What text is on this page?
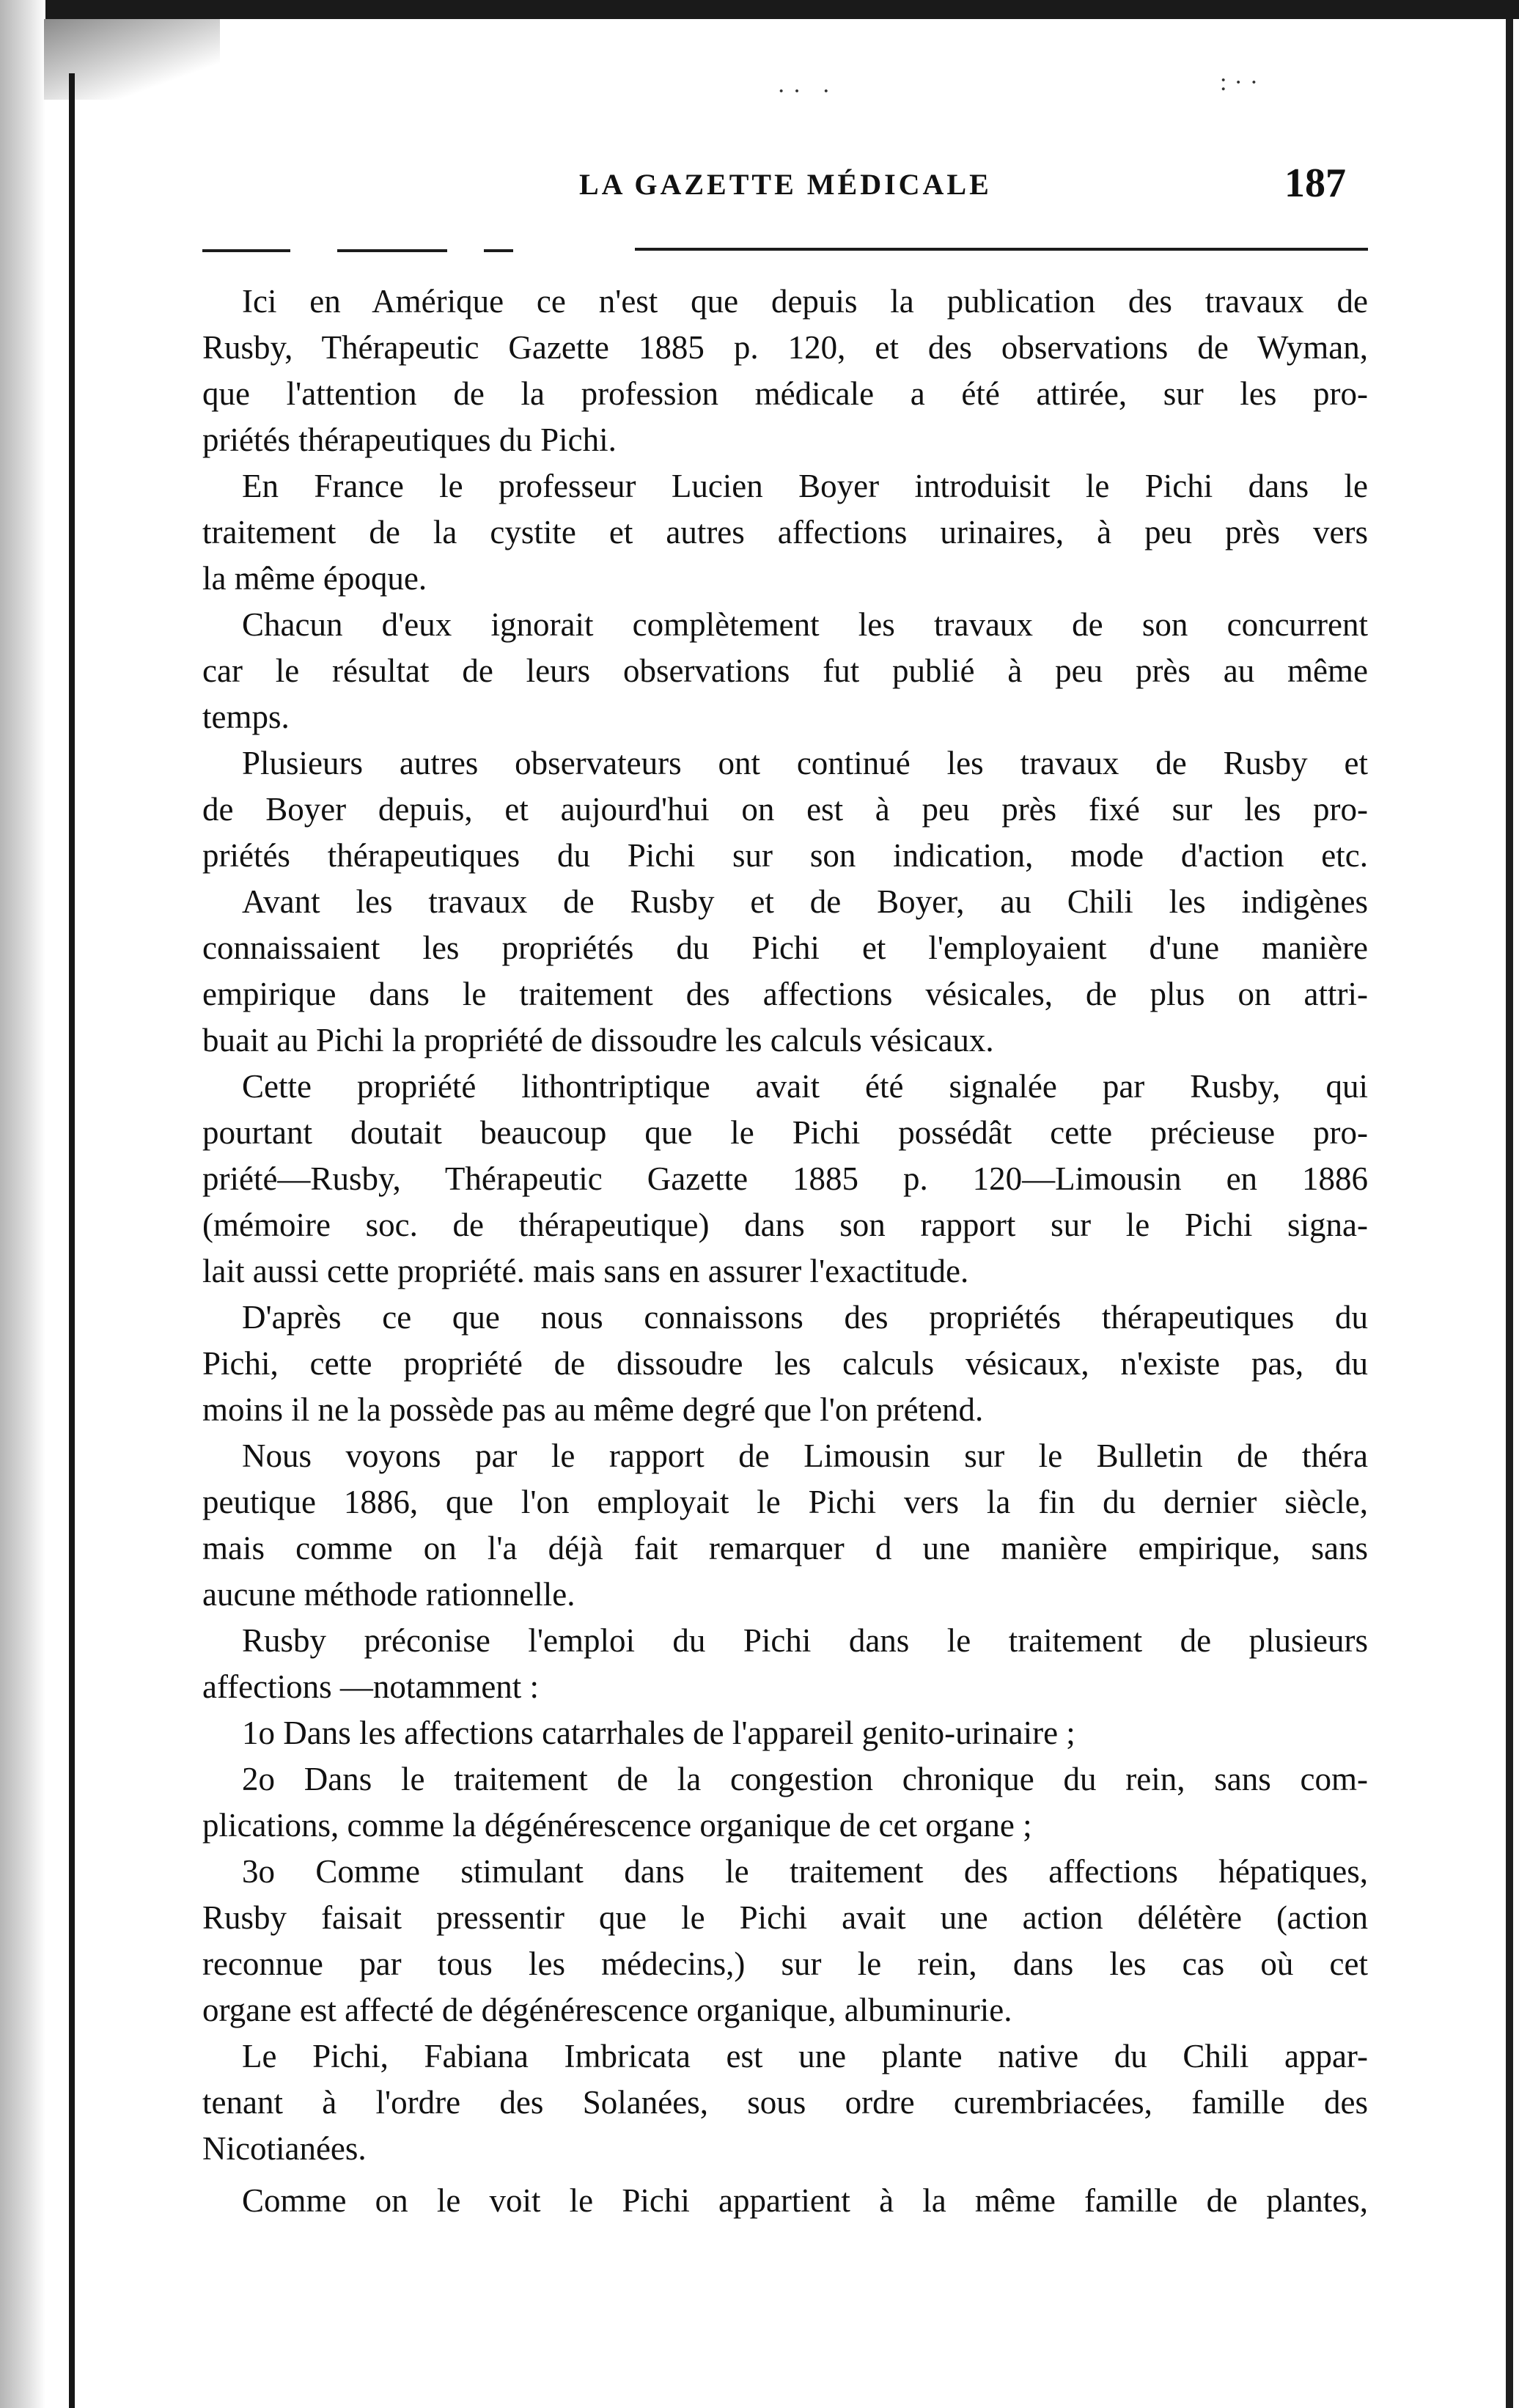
·· ·	:··
LA GAZETTE MÉDICALE	187
Ici en Amérique ce n'est que depuis la publication des travaux de
Rusby, Thérapeutic Gazette 1885 p. 120, et des observations de Wyman,
que l'attention de la profession médicale a été attirée, sur les pro-
priétés thérapeutiques du Pichi.
En France le professeur Lucien Boyer introduisit le Pichi dans le
traitement de la cystite et autres affections urinaires, à peu près vers
la même époque.
Chacun d'eux ignorait complètement les travaux de son concurrent
car le résultat de leurs observations fut publié à peu près au même
temps.
Plusieurs autres observateurs ont continué les travaux de Rusby et
de Boyer depuis, et aujourd'hui on est à peu près fixé sur les pro-
priétés thérapeutiques du Pichi sur son indication, mode d'action etc.
Avant les travaux de Rusby et de Boyer, au Chili les indigènes
connaissaient les propriétés du Pichi et l'employaient d'une manière
empirique dans le traitement des affections vésicales, de plus on attri-
buait au Pichi la propriété de dissoudre les calculs vésicaux.
Cette propriété lithontriptique avait été signalée par Rusby, qui
pourtant doutait beaucoup que le Pichi possédât cette précieuse pro-
priété—Rusby, Thérapeutic Gazette 1885 p. 120—Limousin en 1886
(mémoire soc. de thérapeutique) dans son rapport sur le Pichi signa-
lait aussi cette propriété. mais sans en assurer l'exactitude.
D'après ce que nous connaissons des propriétés thérapeutiques du
Pichi, cette propriété de dissoudre les calculs vésicaux, n'existe pas, du
moins il ne la possède pas au même degré que l'on prétend.
Nous voyons par le rapport de Limousin sur le Bulletin de théra
peutique 1886, que l'on employait le Pichi vers la fin du dernier siècle,
mais comme on l'a déjà fait remarquer d une manière empirique, sans
aucune méthode rationnelle.
Rusby préconise l'emploi du Pichi dans le traitement de plusieurs
affections —notamment :
1o Dans les affections catarrhales de l'appareil genito-urinaire ;
2o Dans le traitement de la congestion chronique du rein, sans com-
plications, comme la dégénérescence organique de cet organe ;
3o Comme stimulant dans le traitement des affections hépatiques,
Rusby faisait pressentir que le Pichi avait une action délétère (action
reconnue par tous les médecins,) sur le rein, dans les cas où cet
organe est affecté de dégénérescence organique, albuminurie.
Le Pichi, Fabiana Imbricata est une plante native du Chili appar-
tenant à l'ordre des Solanées, sous ordre curembriacées, famille des
Nicotianées.
Comme on le voit le Pichi appartient à la même famille de plantes,
